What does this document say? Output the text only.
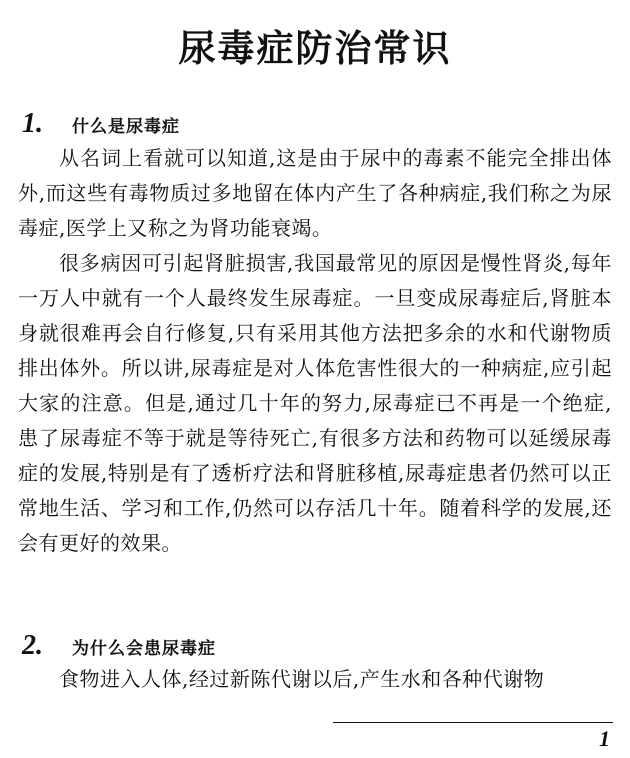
尿毒症防治常识
1.	什么是尿毒症

从名词上看就可以知道,这是由于尿中的毒素不能完全排出体外,而这些有毒物质过多地留在体内产生了各种病症,我们称之为尿毒症,医学上又称之为肾功能衰竭。

很多病因可引起肾脏损害,我国最常见的原因是慢性肾炎,每年一万人中就有一个人最终发生尿毒症。一旦变成尿毒症后,肾脏本身就很难再会自行修复,只有采用其他方法把多余的水和代谢物质排出体外。所以讲,尿毒症是对人体危害性很大的一种病症,应引起大家的注意。但是,通过几十年的努力,尿毒症已不再是一个绝症,患了尿毒症不等于就是等待死亡,有很多方法和药物可以延缓尿毒症的发展,特别是有了透析疗法和肾脏移植,尿毒症患者仍然可以正常地生活、学习和工作,仍然可以存活几十年。随着科学的发展,还会有更好的效果。

2.	为什么会患尿毒症

食物进入人体,经过新陈代谢以后,产生水和各种代谢物

1
